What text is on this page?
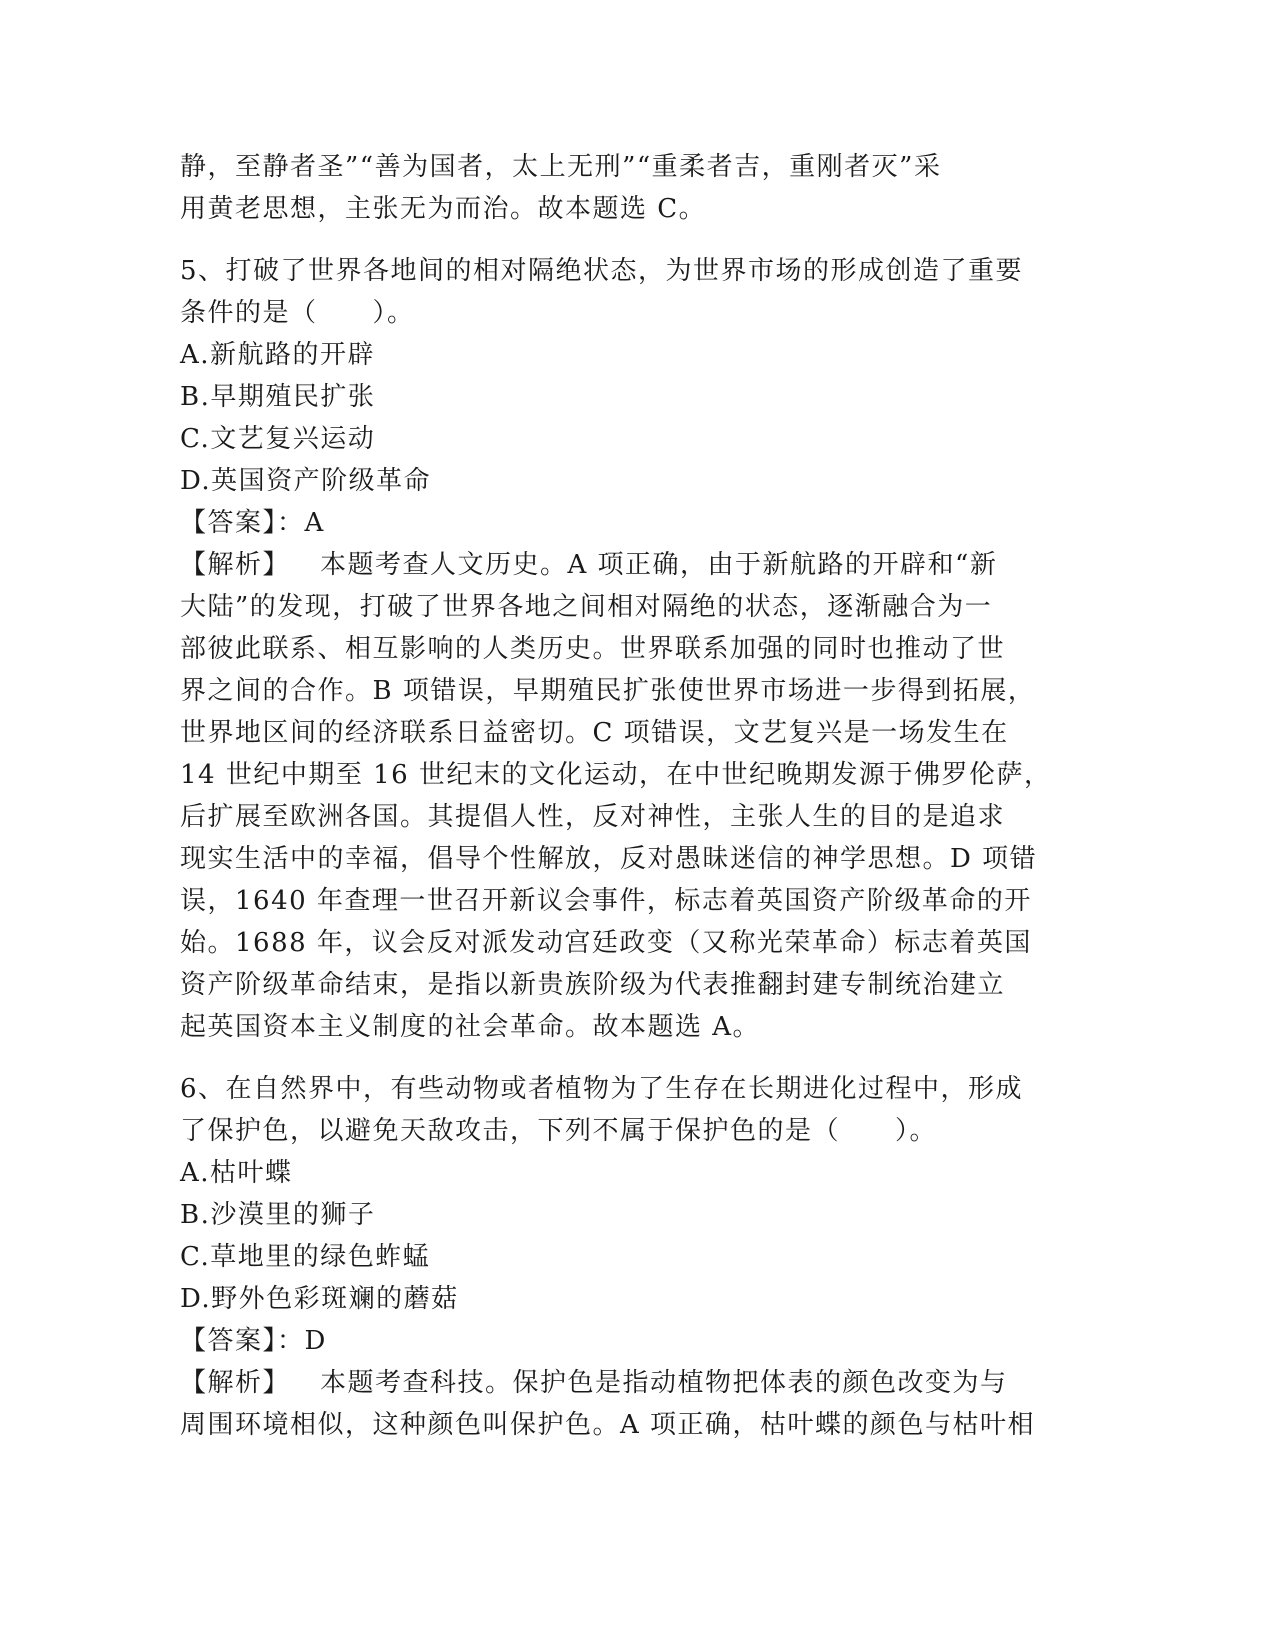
静，至静者圣”“善为国者，太上无刑”“重柔者吉，重刚者灭”采
用黄老思想，主张无为而治。故本题选 C。
5、打破了世界各地间的相对隔绝状态，为世界市场的形成创造了重要
条件的是（　　）。
A.新航路的开辟
B.早期殖民扩张
C.文艺复兴运动
D.英国资产阶级革命
【答案】：A
【解析】 本题考查人文历史。A 项正确，由于新航路的开辟和“新
大陆”的发现，打破了世界各地之间相对隔绝的状态，逐渐融合为一
部彼此联系、相互影响的人类历史。世界联系加强的同时也推动了世
界之间的合作。B 项错误，早期殖民扩张使世界市场进一步得到拓展，
世界地区间的经济联系日益密切。C 项错误，文艺复兴是一场发生在
14 世纪中期至 16 世纪末的文化运动，在中世纪晚期发源于佛罗伦萨，
后扩展至欧洲各国。其提倡人性，反对神性，主张人生的目的是追求
现实生活中的幸福，倡导个性解放，反对愚昧迷信的神学思想。D 项错
误，1640 年查理一世召开新议会事件，标志着英国资产阶级革命的开
始。1688 年，议会反对派发动宫廷政变（又称光荣革命）标志着英国
资产阶级革命结束，是指以新贵族阶级为代表推翻封建专制统治建立
起英国资本主义制度的社会革命。故本题选 A。
6、在自然界中，有些动物或者植物为了生存在长期进化过程中，形成
了保护色，以避免天敌攻击，下列不属于保护色的是（　　）。
A.枯叶蝶
B.沙漠里的狮子
C.草地里的绿色蚱蜢
D.野外色彩斑斓的蘑菇
【答案】：D
【解析】 本题考查科技。保护色是指动植物把体表的颜色改变为与
周围环境相似，这种颜色叫保护色。A 项正确，枯叶蝶的颜色与枯叶相
